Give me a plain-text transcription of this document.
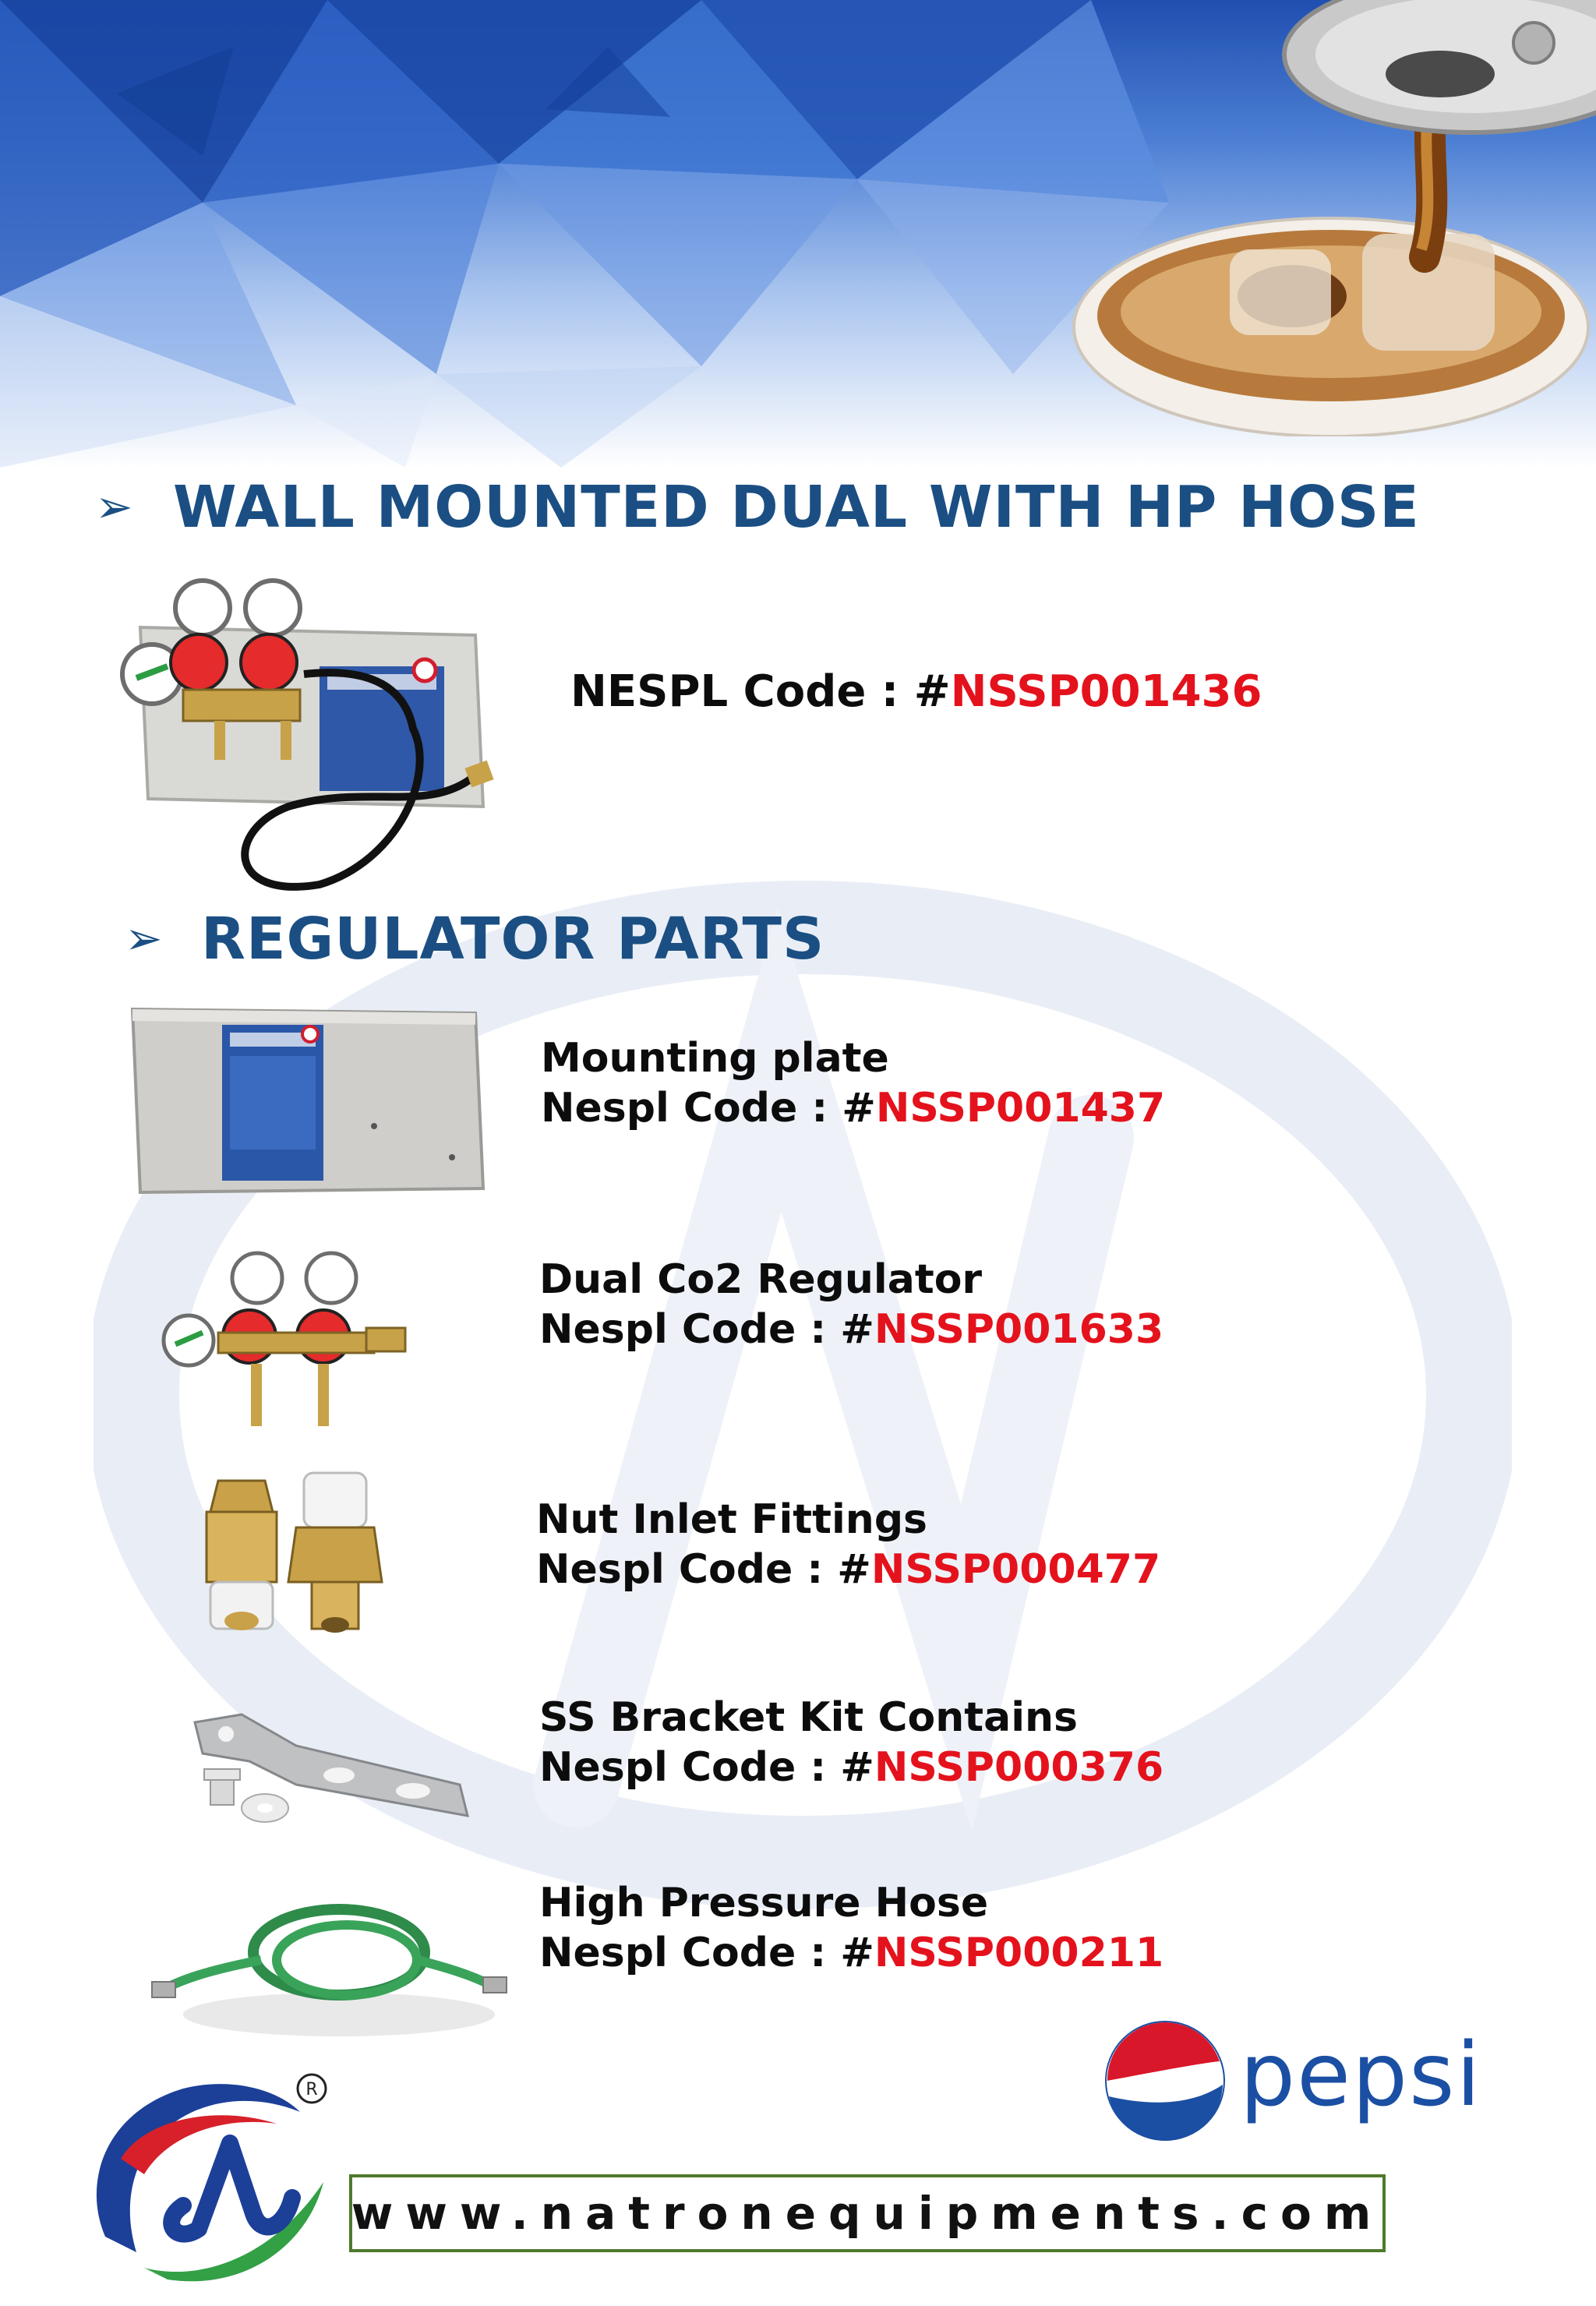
➢ WALL MOUNTED DUAL WITH HP HOSE
NESPL Code : #NSSP001436
➢ REGULATOR PARTS
Mounting plate
Nespl Code : #NSSP001437
Dual Co2 Regulator
Nespl Code : #NSSP001633
Nut Inlet Fittings
Nespl Code : #NSSP000477
SS Bracket Kit Contains
Nespl Code : #NSSP000376
High Pressure Hose
Nespl Code : #NSSP000211
pepsi
R
www.natronequipments.com
